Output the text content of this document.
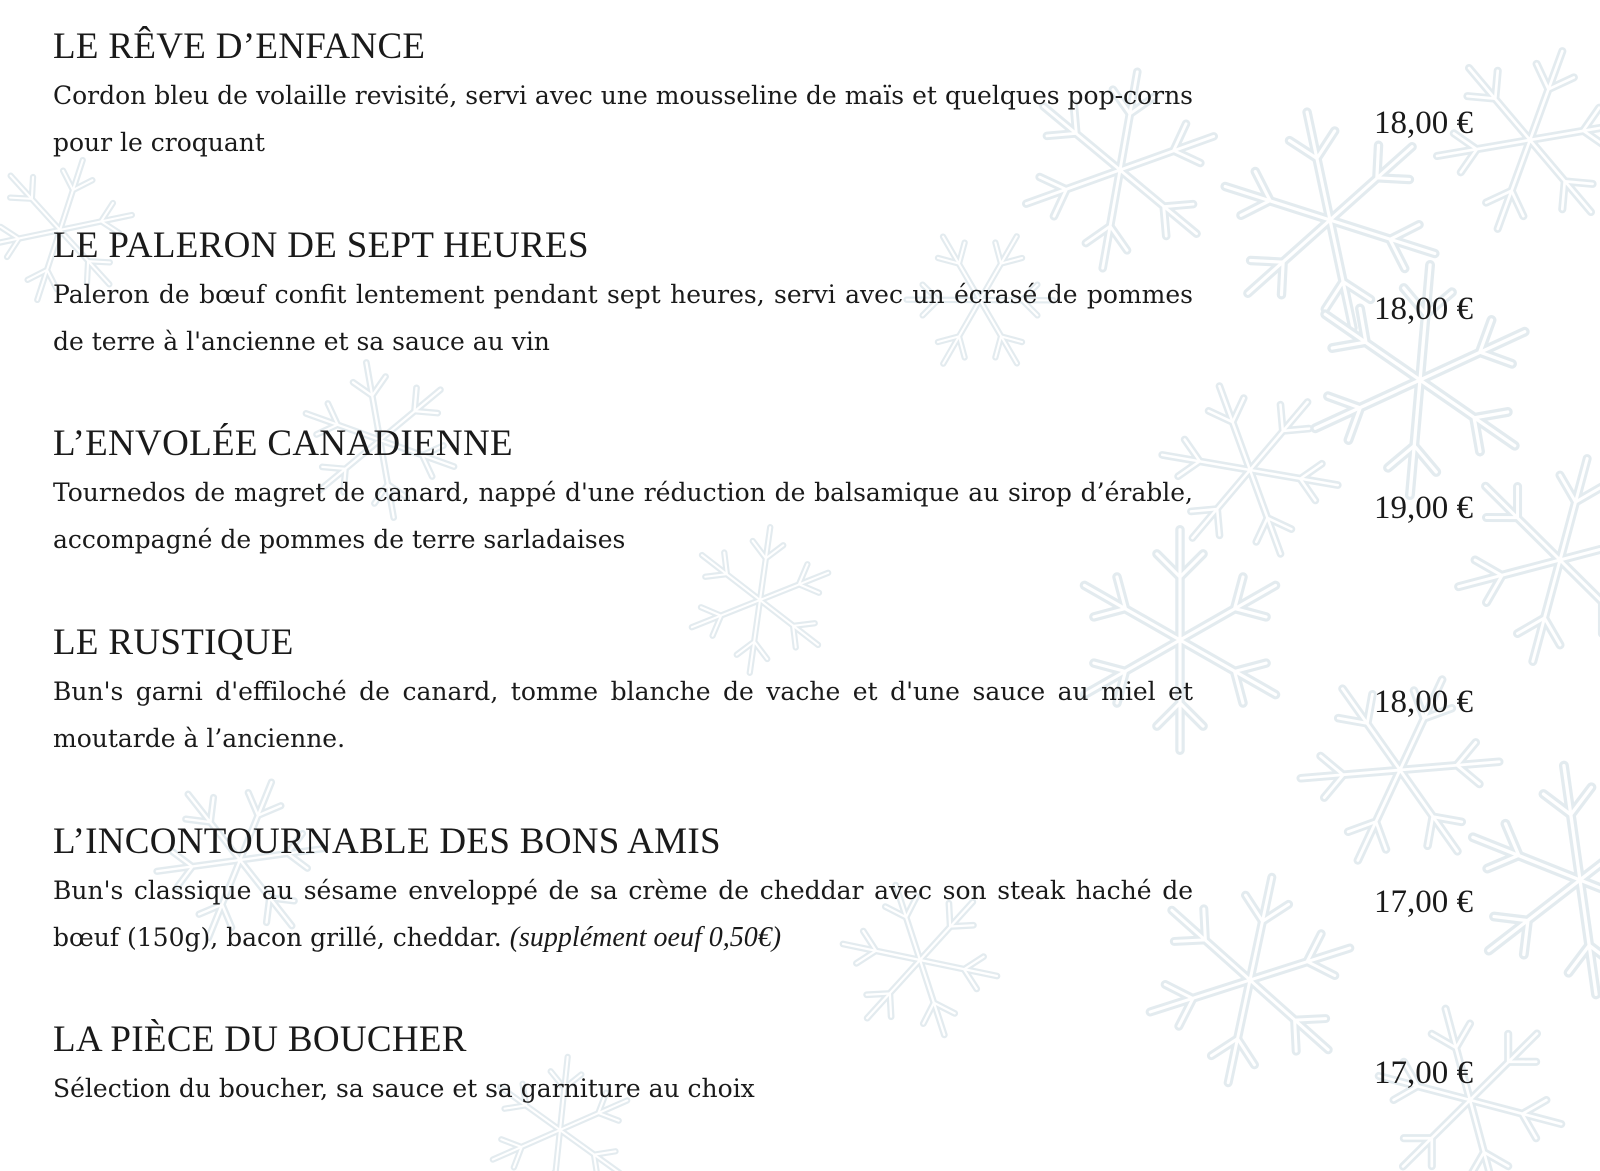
LE RÊVE D’ENFANCE
Cordon bleu de volaille revisité, servi avec une mousseline de maïs et quelques pop-corns pour le croquant
18,00 €
LE PALERON DE SEPT HEURES
Paleron de bœuf confit lentement pendant sept heures, servi avec un écrasé de pommes de terre à l'ancienne et sa sauce au vin
18,00 €
L’ENVOLÉE CANADIENNE
Tournedos de magret de canard, nappé d'une réduction de balsamique au sirop d’érable, accompagné de pommes de terre sarladaises
19,00 €
LE RUSTIQUE
Bun's garni d'effiloché de canard, tomme blanche de vache et d'une sauce au miel et moutarde à l’ancienne.
18,00 €
L’INCONTOURNABLE DES BONS AMIS
Bun's classique au sésame enveloppé de sa crème de cheddar avec son steak haché de bœuf (150g), bacon grillé, cheddar. (supplément oeuf 0,50€)
17,00 €
LA PIÈCE DU BOUCHER
Sélection du boucher, sa sauce et sa garniture au choix	17,00 €
